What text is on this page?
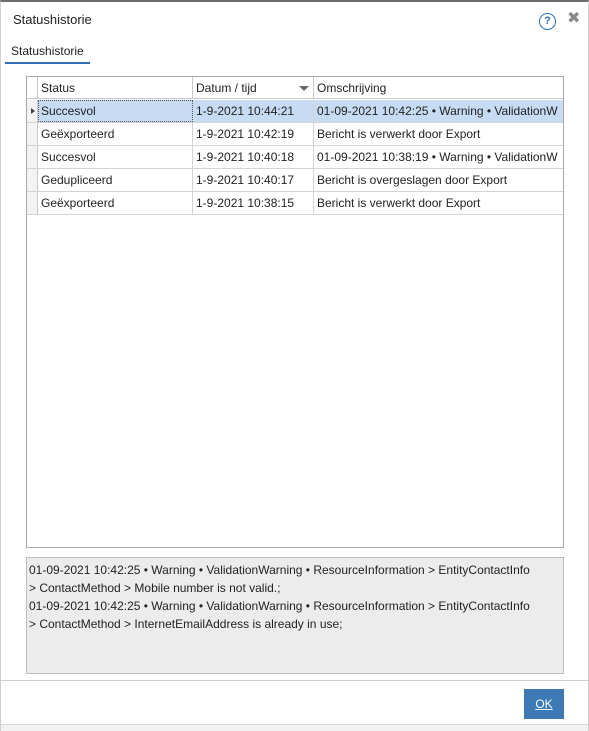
Statushistorie	?	✖
Statushistorie
Status	Datum / tijd	Omschrijving
Succesvol	1-9-2021 10:44:21	01-09-2021 10:42:25 • Warning • ValidationW
Geëxporteerd	1-9-2021 10:42:19	Bericht is verwerkt door Export
Succesvol	1-9-2021 10:40:18	01-09-2021 10:38:19 • Warning • ValidationW
Gedupliceerd	1-9-2021 10:40:17	Bericht is overgeslagen door Export
Geëxporteerd	1-9-2021 10:38:15	Bericht is verwerkt door Export
01-09-2021 10:42:25 • Warning • ValidationWarning • ResourceInformation > EntityContactInfo
> ContactMethod > Mobile number is not valid.;
01-09-2021 10:42:25 • Warning • ValidationWarning • ResourceInformation > EntityContactInfo
> ContactMethod > InternetEmailAddress is already in use;
OK
